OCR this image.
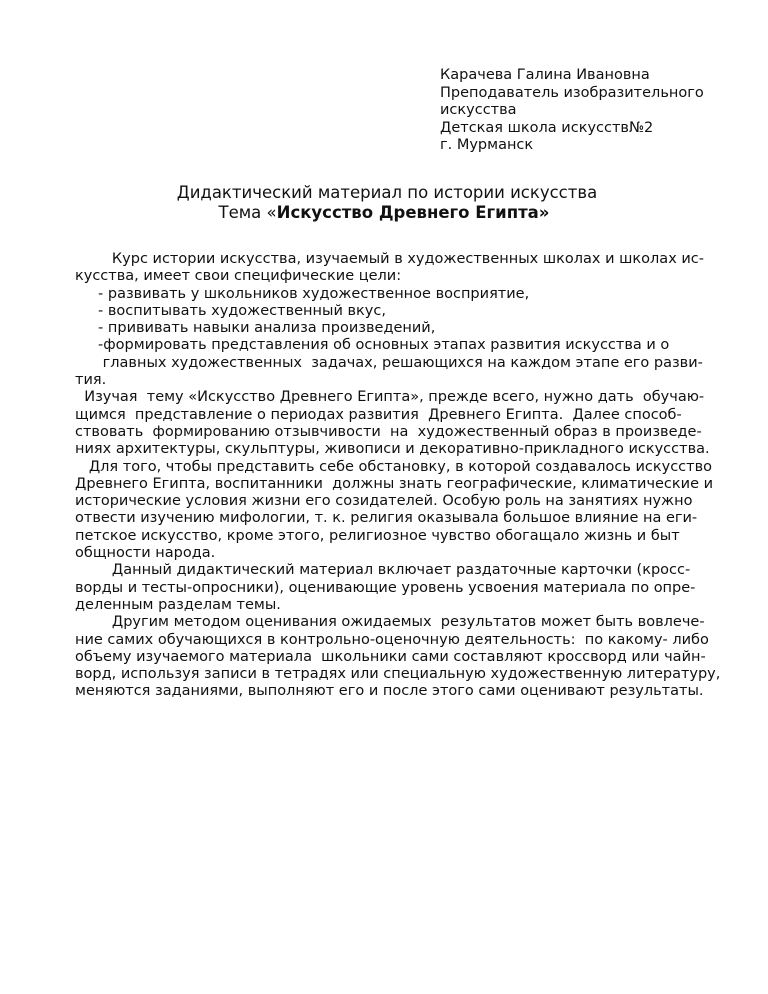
Карачева Галина Ивановна
Преподаватель изобразительного
искусства
Детская школа искусств№2
г. Мурманск
Дидактический материал по истории искусства
Тема «Искусство Древнего Египта»
Курс истории искусства, изучаемый в художественных школах и школах ис-
кусства, имеет свои специфические цели:
- развивать у школьников художественное восприятие,
- воспитывать художественный вкус,
- прививать навыки анализа произведений,
-формировать представления об основных этапах развития искусства и о
главных художественных  задачах, решающихся на каждом этапе его разви-
тия.
Изучая  тему «Искусство Древнего Египта», прежде всего, нужно дать  обучаю-
щимся  представление о периодах развития  Древнего Египта.  Далее способ-
ствовать  формированию отзывчивости  на  художественный образ в произведе-
ниях архитектуры, скульптуры, живописи и декоративно-прикладного искусства.
Для того, чтобы представить себе обстановку, в которой создавалось искусство
Древнего Египта, воспитанники  должны знать географические, климатические и
исторические условия жизни его созидателей. Особую роль на занятиях нужно
отвести изучению мифологии, т. к. религия оказывала большое влияние на еги-
петское искусство, кроме этого, религиозное чувство обогащало жизнь и быт
общности народа.
Данный дидактический материал включает раздаточные карточки (кросс-
ворды и тесты-опросники), оценивающие уровень усвоения материала по опре-
деленным разделам темы.
Другим методом оценивания ожидаемых  результатов может быть вовлече-
ние самих обучающихся в контрольно-оценочную деятельность:  по какому- либо
объему изучаемого материала  школьники сами составляют кроссворд или чайн-
ворд, используя записи в тетрадях или специальную художественную литературу,
меняются заданиями, выполняют его и после этого сами оценивают результаты.
